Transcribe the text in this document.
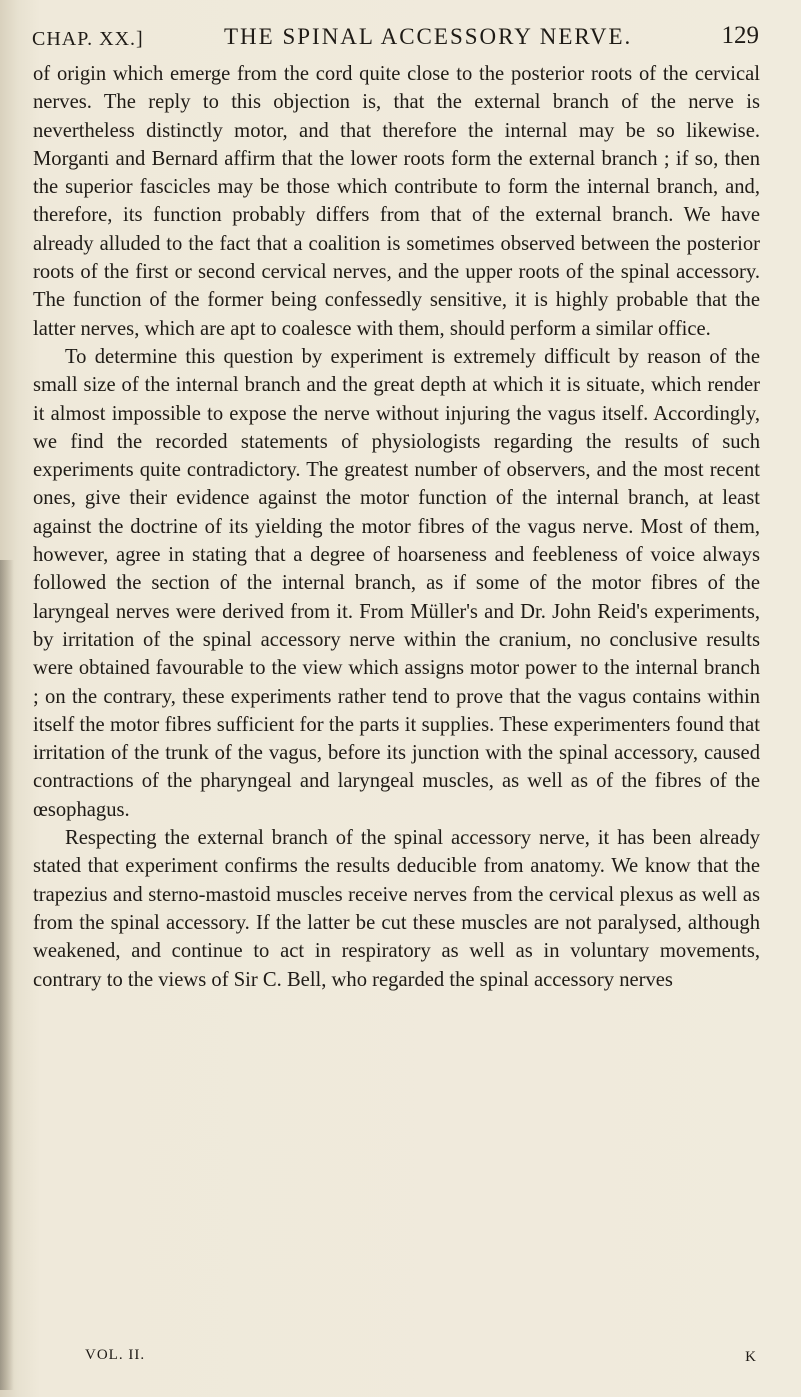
CHAP. XX.]	THE SPINAL ACCESSORY NERVE.	129

of origin which emerge from the cord quite close to the posterior roots of the cervical nerves. The reply to this objection is, that the external branch of the nerve is nevertheless distinctly motor, and that therefore the internal may be so likewise. Morganti and Bernard affirm that the lower roots form the external branch ; if so, then the superior fascicles may be those which contribute to form the internal branch, and, therefore, its function probably differs from that of the external branch. We have already alluded to the fact that a coalition is sometimes observed between the posterior roots of the first or second cervical nerves, and the upper roots of the spinal accessory. The function of the former being confessedly sensitive, it is highly probable that the latter nerves, which are apt to coalesce with them, should perform a similar office.

To determine this question by experiment is extremely difficult by reason of the small size of the internal branch and the great depth at which it is situate, which render it almost impossible to expose the nerve without injuring the vagus itself. Accordingly, we find the recorded statements of physiologists regarding the results of such experiments quite contradictory. The greatest number of observers, and the most recent ones, give their evidence against the motor function of the internal branch, at least against the doctrine of its yielding the motor fibres of the vagus nerve. Most of them, however, agree in stating that a degree of hoarseness and feebleness of voice always followed the section of the internal branch, as if some of the motor fibres of the laryngeal nerves were derived from it. From Müller's and Dr. John Reid's experiments, by irritation of the spinal accessory nerve within the cranium, no conclusive results were obtained favourable to the view which assigns motor power to the internal branch ; on the contrary, these experiments rather tend to prove that the vagus contains within itself the motor fibres sufficient for the parts it supplies. These experimenters found that irritation of the trunk of the vagus, before its junction with the spinal accessory, caused contractions of the pharyngeal and laryngeal muscles, as well as of the fibres of the œsophagus.

Respecting the external branch of the spinal accessory nerve, it has been already stated that experiment confirms the results deducible from anatomy. We know that the trapezius and sterno-mastoid muscles receive nerves from the cervical plexus as well as from the spinal accessory. If the latter be cut these muscles are not paralysed, although weakened, and continue to act in respiratory as well as in voluntary movements, contrary to the views of Sir C. Bell, who regarded the spinal accessory nerves

VOL. II.	K
